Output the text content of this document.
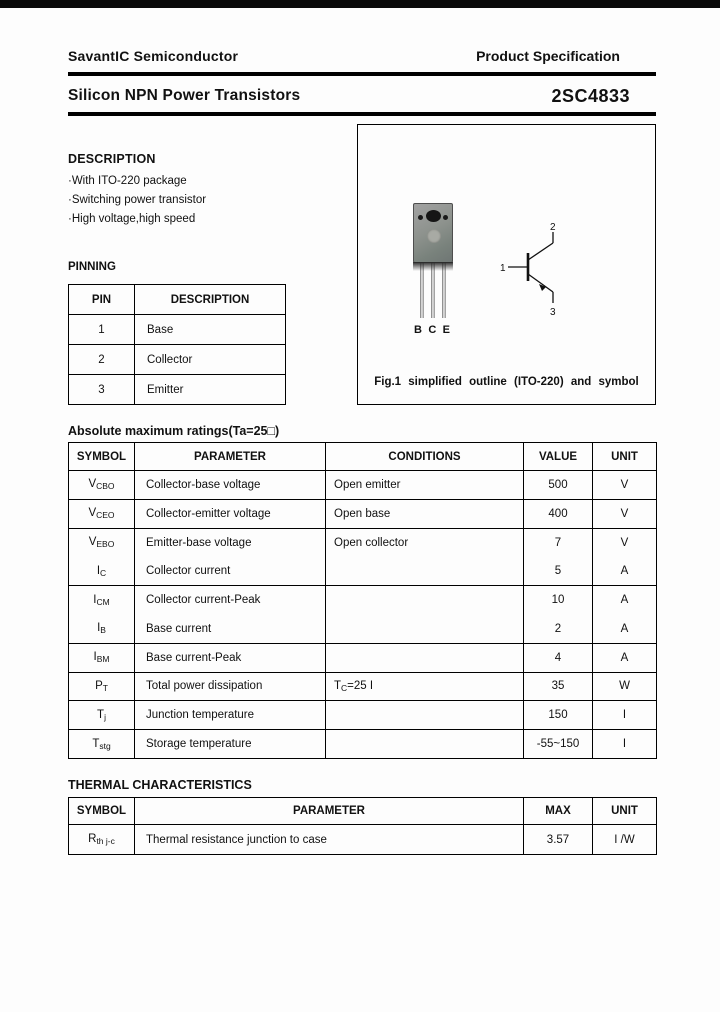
SavantIC Semiconductor	Product Specification
Silicon NPN Power Transistors	2SC4833
DESCRIPTION
·With ITO-220 package
·Switching power transistor
·High voltage,high speed
PINNING
PIN	DESCRIPTION
1	Base
2	Collector
3	Emitter
B C E
1
2
3
Fig.1 simplified outline (ITO-220) and symbol
Absolute maximum ratings(Ta=25□)
SYMBOL	PARAMETER	CONDITIONS	VALUE	UNIT
$V_{CBO}$	Collector-base voltage	Open emitter	500	V
$V_{CEO}$	Collector-emitter voltage	Open base	400	V
$V_{EBO}$	Emitter-base voltage	Open collector	7	V
$I_C$	Collector current		5	A
$I_{CM}$	Collector current-Peak		10	A
$I_B$	Base current		2	A
$I_{BM}$	Base current-Peak		4	A
$P_T$	Total power dissipation	$T_C=25$ I	35	W
$T_j$	Junction temperature		150	I
$T_{stg}$	Storage temperature		-55~150	I
THERMAL CHARACTERISTICS
SYMBOL	PARAMETER	MAX	UNIT
$R_{th j-c}$	Thermal resistance junction to case	3.57	I /W
